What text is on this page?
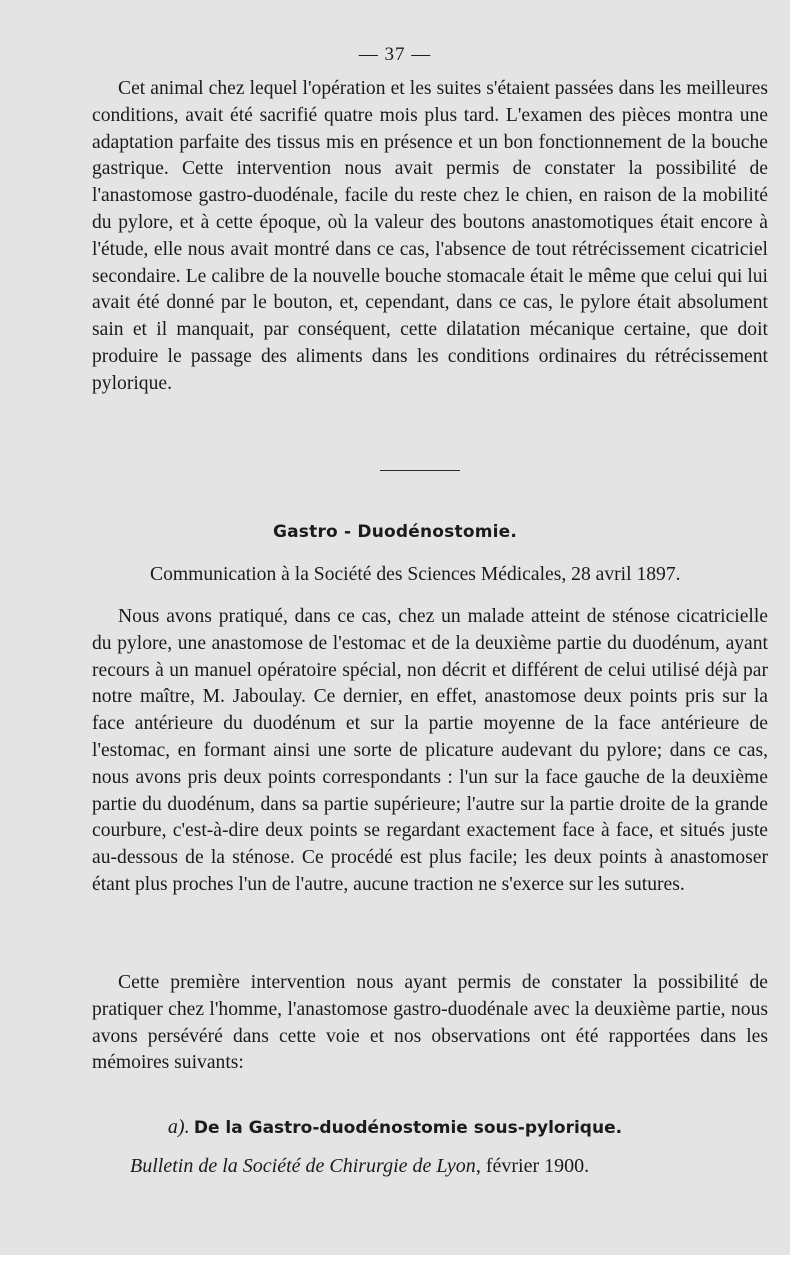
— 37 —

Cet animal chez lequel l'opération et les suites s'étaient passées dans les meilleures conditions, avait été sacrifié quatre mois plus tard. L'examen des pièces montra une adaptation parfaite des tissus mis en présence et un bon fonctionnement de la bouche gastrique. Cette intervention nous avait permis de constater la possibilité de l'anastomose gastro-duodénale, facile du reste chez le chien, en raison de la mobilité du pylore, et à cette époque, où la valeur des boutons anastomotiques était encore à l'étude, elle nous avait montré dans ce cas, l'absence de tout rétrécissement cicatriciel secondaire. Le calibre de la nouvelle bouche stomacale était le même que celui qui lui avait été donné par le bouton, et, cependant, dans ce cas, le pylore était absolument sain et il manquait, par conséquent, cette dilatation mécanique certaine, que doit produire le passage des aliments dans les conditions ordinaires du rétrécissement pylorique.

Gastro - Duodénostomie.
Communication à la Société des Sciences Médicales, 28 avril 1897.

Nous avons pratiqué, dans ce cas, chez un malade atteint de sténose cicatricielle du pylore, une anastomose de l'estomac et de la deuxième partie du duodénum, ayant recours à un manuel opératoire spécial, non décrit et différent de celui utilisé déjà par notre maître, M. Jaboulay. Ce dernier, en effet, anastomose deux points pris sur la face antérieure du duodénum et sur la partie moyenne de la face antérieure de l'estomac, en formant ainsi une sorte de plicature audevant du pylore; dans ce cas, nous avons pris deux points correspondants : l'un sur la face gauche de la deuxième partie du duodénum, dans sa partie supérieure; l'autre sur la partie droite de la grande courbure, c'est-à-dire deux points se regardant exactement face à face, et situés juste au-dessous de la sténose. Ce procédé est plus facile; les deux points à anastomoser étant plus proches l'un de l'autre, aucune traction ne s'exerce sur les sutures.

Cette première intervention nous ayant permis de constater la possibilité de pratiquer chez l'homme, l'anastomose gastro-duodénale avec la deuxième partie, nous avons persévéré dans cette voie et nos observations ont été rapportées dans les mémoires suivants:

a). De la Gastro-duodénostomie sous-pylorique.
Bulletin de la Société de Chirurgie de Lyon, février 1900.
